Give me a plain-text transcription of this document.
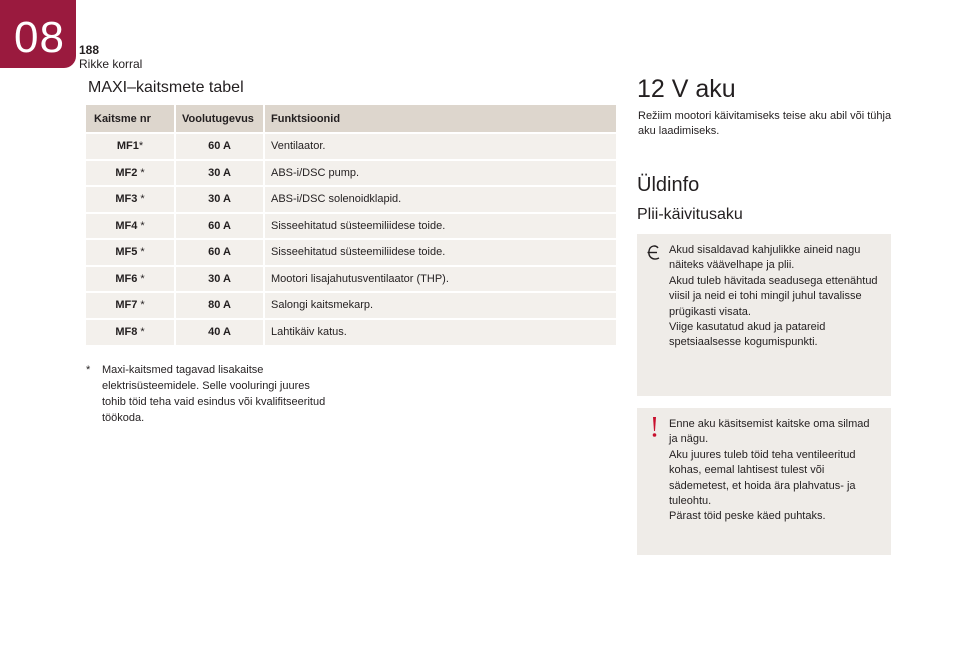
08 188
Rikke korral
MAXI–kaitsmete tabel
Kaitsme nr	Voolutugevus	Funktsioonid
MF1*	60 A	Ventilaator.
MF2 *	30 A	ABS-i/DSC pump.
MF3 *	30 A	ABS-i/DSC solenoidklapid.
MF4 *	60 A	Sisseehitatud süsteemiliidese toide.
MF5 *	60 A	Sisseehitatud süsteemiliidese toide.
MF6 *	30 A	Mootori lisajahutusventilaator (THP).
MF7 *	80 A	Salongi kaitsmekarp.
MF8 *	40 A	Lahtikäiv katus.
* Maxi-kaitsmed tagavad lisakaitse elektrisüsteemidele. Selle vooluringi juures tohib töid teha vaid esindus või kvalifitseeritud töökoda.
12 V aku
Režiim mootori käivitamiseks teise aku abil või tühja aku laadimiseks.
Üldinfo
Plii-käivitusaku

Akud sisaldavad kahjulikke aineid nagu näiteks väävelhape ja plii.

Akud tuleb hävitada seadusega ettenähtud viisil ja neid ei tohi mingil juhul tavalisse prügikasti visata.

Viige kasutatud akud ja patareid spetsiaalsesse kogumispunkti.

Enne aku käsitsemist kaitske oma silmad ja nägu.

Aku juures tuleb töid teha ventileeritud kohas, eemal lahtisest tulest või sädemetest, et hoida ära plahvatus- ja tuleohtu.

Pärast töid peske käed puhtaks.
